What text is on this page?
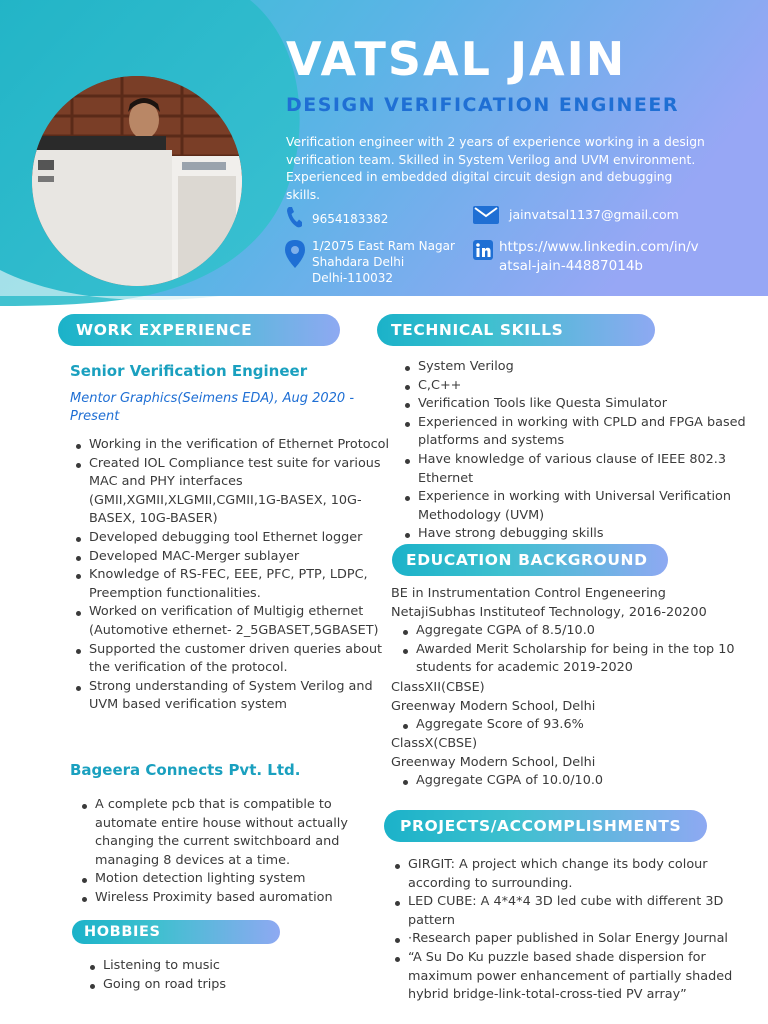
VATSAL JAIN
DESIGN VERIFICATION ENGINEER
Verification engineer with 2 years of experience working in a design verification team. Skilled in System Verilog and UVM environment. Experienced in embedded digital circuit design and debugging skills.
9654183382	jainvatsal1137@gmail.com
1/2075 East Ram Nagar
Shahdara Delhi
Delhi-110032
https://www.linkedin.com/in/v
atsal-jain-44887014b
WORK EXPERIENCE
Senior Verification Engineer
Mentor Graphics(Seimens EDA), Aug 2020 -
Present
Working in the verification of Ethernet Protocol
Created IOL Compliance test suite for various MAC and PHY interfaces (GMII,XGMII,XLGMII,CGMII,1G-BASEX, 10G-BASEX, 10G-BASER)
Developed debugging tool Ethernet logger
Developed MAC-Merger sublayer
Knowledge of RS-FEC, EEE, PFC, PTP, LDPC, Preemption functionalities.
Worked on verification of Multigig ethernet (Automotive ethernet- 2_5GBASET,5GBASET)
Supported the customer driven queries about the verification of the protocol.
Strong understanding of System Verilog and UVM based verification system
Bageera Connects Pvt. Ltd.
A complete pcb that is compatible to automate entire house without actually changing the current switchboard and managing 8 devices at a time.
Motion detection lighting system
Wireless Proximity based auromation
HOBBIES
Listening to music
Going on road trips
TECHNICAL SKILLS
System Verilog
C,C++
Verification Tools like Questa Simulator
Experienced in working with CPLD and FPGA based platforms and systems
Have knowledge of various clause of IEEE 802.3 Ethernet
Experience in working with Universal Verification Methodology (UVM)
Have strong debugging skills
EDUCATION BACKGROUND
BE in Instrumentation Control Engeneering
NetajiSubhas Instituteof Technology, 2016-20200
Aggregate CGPA of 8.5/10.0
Awarded Merit Scholarship for being in the top 10 students for academic 2019-2020
ClassXII(CBSE)
Greenway Modern School, Delhi
Aggregate Score of 93.6%
ClassX(CBSE)
Greenway Modern School, Delhi
Aggregate CGPA of 10.0/10.0
PROJECTS/ACCOMPLISHMENTS
GIRGIT: A project which change its body colour according to surrounding.
LED CUBE: A 4*4*4 3D led cube with different 3D pattern
·Research paper published in Solar Energy Journal
“A Su Do Ku puzzle based shade dispersion for maximum power enhancement of partially shaded hybrid bridge-link-total-cross-tied PV array”
